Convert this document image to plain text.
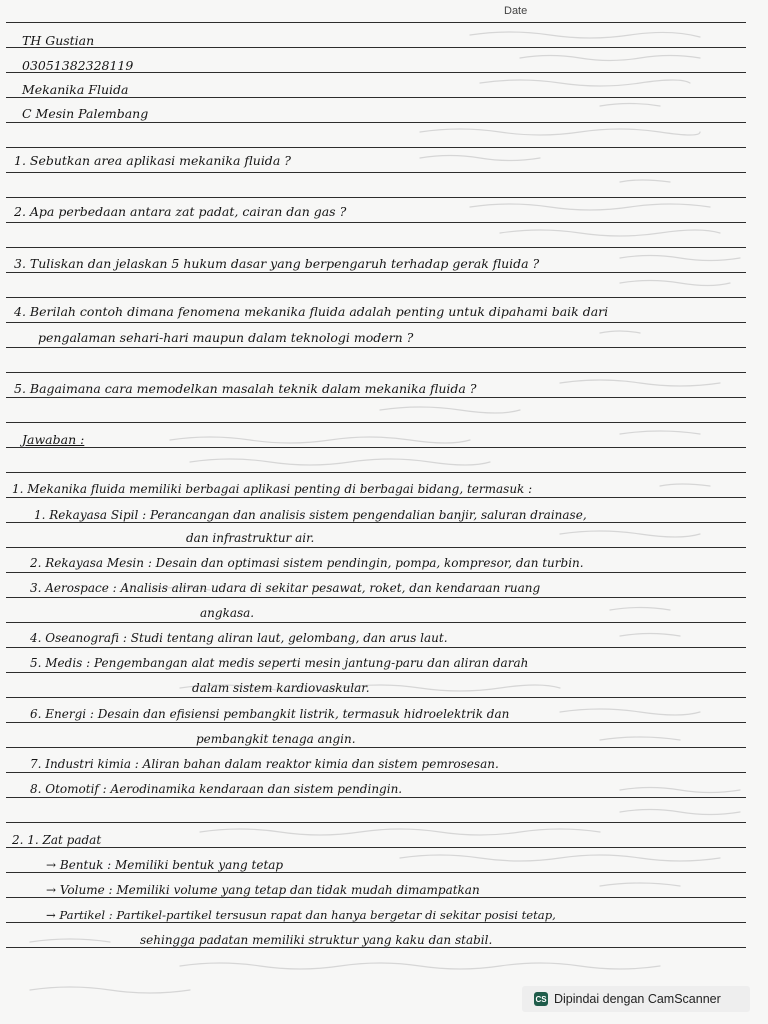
Date
TH Gustian
03051382328119
Mekanika Fluida
C Mesin Palembang
1. Sebutkan area aplikasi mekanika fluida ?
2. Apa perbedaan antara zat padat, cairan dan gas ?
3. Tuliskan dan jelaskan 5 hukum dasar yang berpengaruh terhadap gerak fluida ?
4. Berilah contoh dimana fenomena mekanika fluida adalah penting untuk dipahami baik dari
pengalaman sehari-hari maupun dalam teknologi modern ?
5. Bagaimana cara memodelkan masalah teknik dalam mekanika fluida ?
Jawaban :
1. Mekanika fluida memiliki berbagai aplikasi penting di berbagai bidang, termasuk :
1. Rekayasa Sipil : Perancangan dan analisis sistem pengendalian banjir, saluran drainase,
dan infrastruktur air.
2. Rekayasa Mesin : Desain dan optimasi sistem pendingin, pompa, kompresor, dan turbin.
3. Aerospace : Analisis aliran udara di sekitar pesawat, roket, dan kendaraan ruang
angkasa.
4. Oseanografi : Studi tentang aliran laut, gelombang, dan arus laut.
5. Medis : Pengembangan alat medis seperti mesin jantung-paru dan aliran darah
dalam sistem kardiovaskular.
6. Energi : Desain dan efisiensi pembangkit listrik, termasuk hidroelektrik dan
pembangkit tenaga angin.
7. Industri kimia : Aliran bahan dalam reaktor kimia dan sistem pemrosesan.
8. Otomotif : Aerodinamika kendaraan dan sistem pendingin.
2. 1. Zat padat
→ Bentuk : Memiliki bentuk yang tetap
→ Volume : Memiliki volume yang tetap dan tidak mudah dimampatkan
→ Partikel : Partikel-partikel tersusun rapat dan hanya bergetar di sekitar posisi tetap,
sehingga padatan memiliki struktur yang kaku dan stabil.
CS Dipindai dengan CamScanner
